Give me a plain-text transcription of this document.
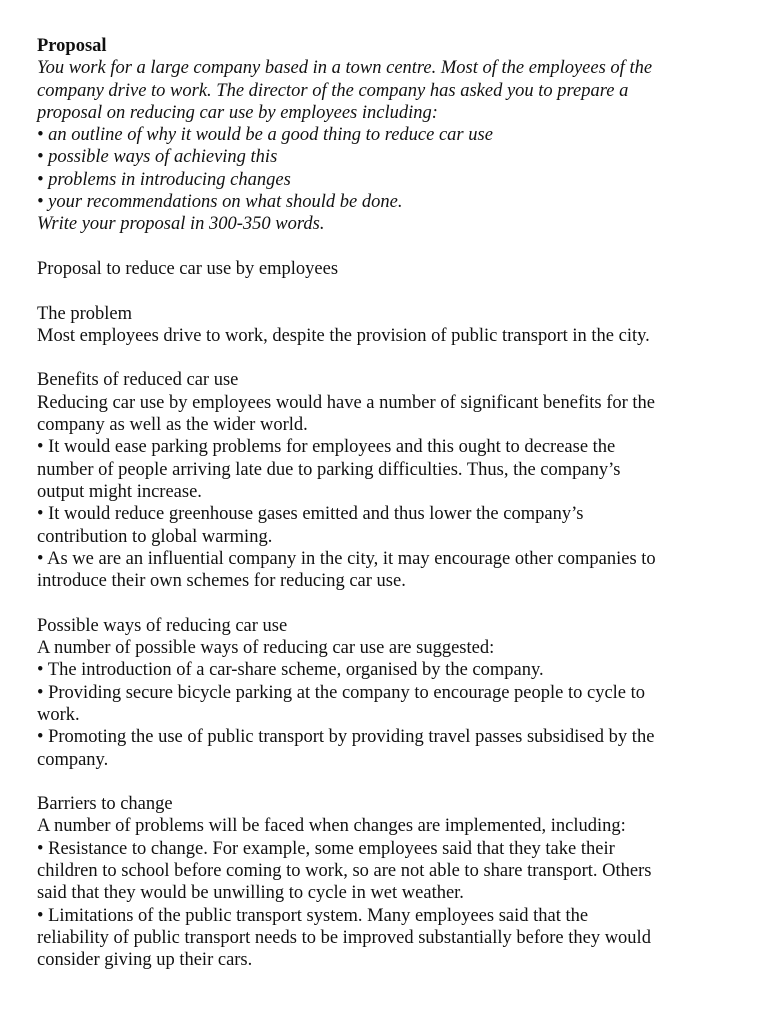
Proposal
You work for a large company based in a town centre. Most of the employees of the
company drive to work. The director of the company has asked you to prepare a
proposal on reducing car use by employees including:
• an outline of why it would be a good thing to reduce car use
• possible ways of achieving this
• problems in introducing changes
• your recommendations on what should be done.
Write your proposal in 300-350 words.
Proposal to reduce car use by employees
The problem
Most employees drive to work, despite the provision of public transport in the city.
Benefits of reduced car use
Reducing car use by employees would have a number of significant benefits for the
company as well as the wider world.
• It would ease parking problems for employees and this ought to decrease the
number of people arriving late due to parking difficulties. Thus, the company’s
output might increase.
• It would reduce greenhouse gases emitted and thus lower the company’s
contribution to global warming.
• As we are an influential company in the city, it may encourage other companies to
introduce their own schemes for reducing car use.
Possible ways of reducing car use
A number of possible ways of reducing car use are suggested:
• The introduction of a car-share scheme, organised by the company.
• Providing secure bicycle parking at the company to encourage people to cycle to
work.
• Promoting the use of public transport by providing travel passes subsidised by the
company.
Barriers to change
A number of problems will be faced when changes are implemented, including:
• Resistance to change. For example, some employees said that they take their
children to school before coming to work, so are not able to share transport. Others
said that they would be unwilling to cycle in wet weather.
• Limitations of the public transport system. Many employees said that the
reliability of public transport needs to be improved substantially before they would
consider giving up their cars.
